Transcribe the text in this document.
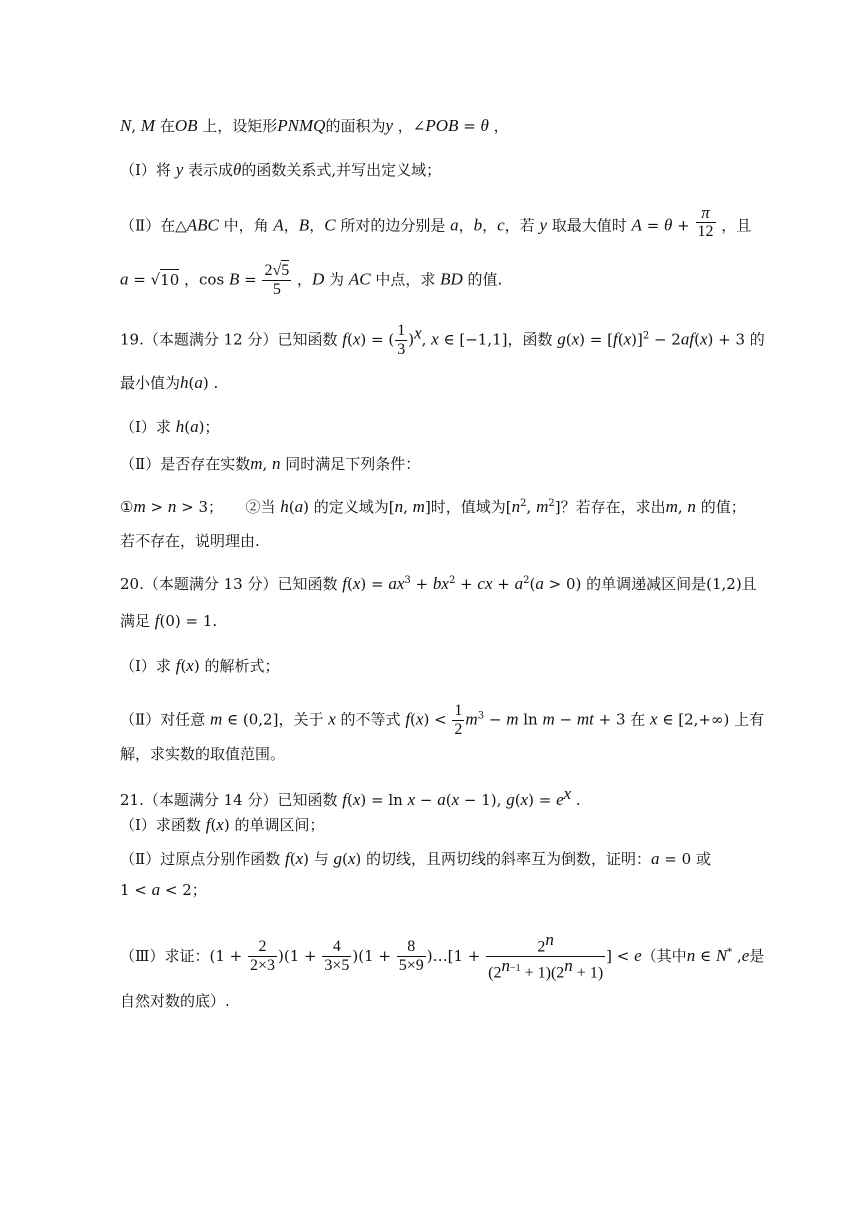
N, M 在OB 上，设矩形PNMQ的面积为y ，∠POB = θ ，
（Ⅰ）将 y 表示成θ的函数关系式,并写出定义域；
（Ⅱ）在△ABC 中，角 A，B，C 所对的边分别是 a，b，c，若 y 取最大值时 $A = \theta + \frac{\pi}{12}$ ，且
a = √10 ，$\cos B = \frac{2√5}{5}$ ，D 为 AC 中点，求 BD 的值.
19.（本题满分 12 分）已知函数 f(x) = ( $\frac{1}{3} )^x$, x ∈ [−1,1]，函数 $g(x) = [f(x)]^2 - 2af(x) + 3$ 的
最小值为h(a) .
（Ⅰ）求 h(a)；
（Ⅱ）是否存在实数m, n 同时满足下列条件：
①m > n > 3；　　②当 h(a) 的定义域为[n, m]时，值域为[$n^2$, $m^2$]？若存在，求出m, n 的值；
若不存在，说明理由.
20.（本题满分 13 分）已知函数 $f(x) = ax^3 + bx^2$ + cx + $a^2(a > 0)$ 的单调递减区间是(1,2)且
满足 f(0) = 1.
（Ⅰ）求 f(x) 的解析式；
（Ⅱ）对任意 m ∈ (0,2]，关于 x 的不等式 $f(x) < \frac{1}{2} m^3 - m$ ln m − mt + 3 在 x ∈ [2,+∞) 上有
解，求实数的取值范围。
21.（本题满分 14 分）已知函数 f(x) = ln x − a(x − 1), $g(x) = e^x$ .
（Ⅰ）求函数 f(x) 的单调区间；
（Ⅱ）过原点分别作函数 f(x) 与 g(x) 的切线，且两切线的斜率互为倒数，证明：a = 0 或
1 < a < 2；
（Ⅲ）求证：$(1 + \frac{2}{2\times 3} )(1 + \frac{4}{3\times 5} )(1 + \frac{8}{5\times 9}$ )…[1 + $\frac{2^n}{(2^{n-1} + 1)(2^n + 1)}$ ] < e（其中n ∈ N* ,e是
自然对数的底）.
